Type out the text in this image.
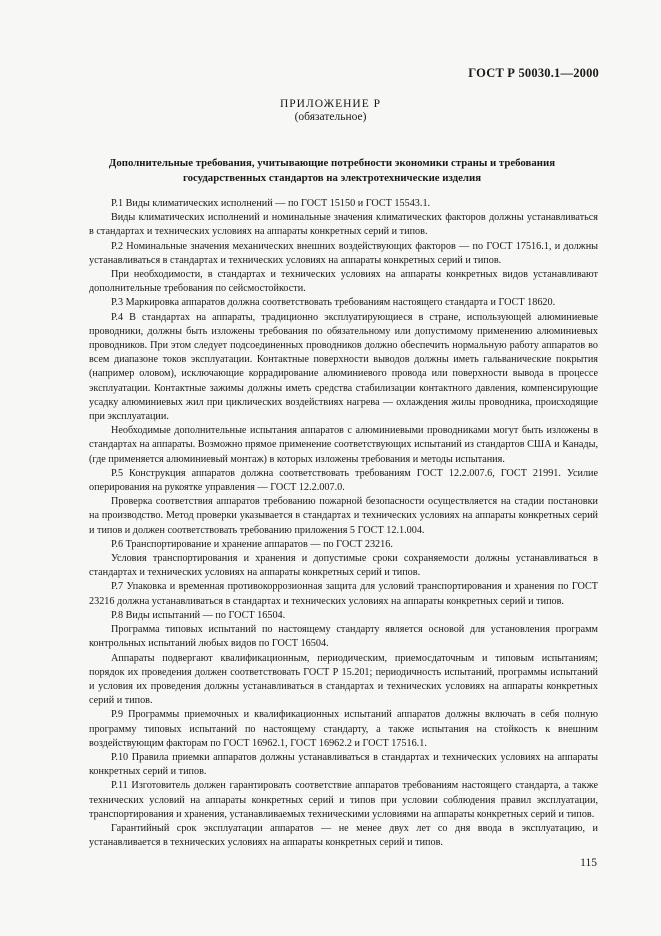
ГОСТ Р 50030.1—2000
ПРИЛОЖЕНИЕ Р
(обязательное)
Дополнительные требования, учитывающие потребности экономики страны и требования государственных стандартов на электротехнические изделия

Р.1 Виды климатических исполнений — по ГОСТ 15150 и ГОСТ 15543.1.

Виды климатических исполнений и номинальные значения климатических факторов должны устанавливаться в стандартах и технических условиях на аппараты конкретных серий и типов.

Р.2 Номинальные значения механических внешних воздействующих факторов — по ГОСТ 17516.1, и должны устанавливаться в стандартах и технических условиях на аппараты конкретных серий и типов.

При необходимости, в стандартах и технических условиях на аппараты конкретных видов устанавливают дополнительные требования по сейсмостойкости.

Р.3 Маркировка аппаратов должна соответствовать требованиям настоящего стандарта и ГОСТ 18620.

Р.4 В стандартах на аппараты, традиционно эксплуатирующиеся в стране, использующей алюминиевые проводники, должны быть изложены требования по обязательному или допустимому применению алюминиевых проводников. При этом следует подсоединенных проводников должно обеспечить нормальную работу аппаратов во всем диапазоне токов эксплуатации. Контактные поверхности выводов должны иметь гальванические покрытия (например оловом), исключающие коррадирование алюминиевого провода или поверхности вывода в процессе эксплуатации. Контактные зажимы должны иметь средства стабилизации контактного давления, компенсирующие усадку алюминиевых жил при циклических воздействиях нагрева — охлаждения жилы проводника, происходящие при эксплуатации.

Необходимые дополнительные испытания аппаратов с алюминиевыми проводниками могут быть изложены в стандартах на аппараты. Возможно прямое применение соответствующих испытаний из стандартов США и Канады, (где применяется алюминиевый монтаж) в которых изложены требования и методы испытания.

Р.5 Конструкция аппаратов должна соответствовать требованиям ГОСТ 12.2.007.6, ГОСТ 21991. Усилие оперирования на рукоятке управления — ГОСТ 12.2.007.0.

Проверка соответствия аппаратов требованию пожарной безопасности осуществляется на стадии постановки на производство. Метод проверки указывается в стандартах и технических условиях на аппараты конкретных серий и типов и должен соответствовать требованию приложения 5 ГОСТ 12.1.004.

Р.6 Транспортирование и хранение аппаратов — по ГОСТ 23216.

Условия транспортирования и хранения и допустимые сроки сохраняемости должны устанавливаться в стандартах и технических условиях на аппараты конкретных серий и типов.

Р.7 Упаковка и временная противокоррозионная защита для условий транспортирования и хранения по ГОСТ 23216 должна устанавливаться в стандартах и технических условиях на аппараты конкретных серий и типов.

Р.8 Виды испытаний — по ГОСТ 16504.

Программа типовых испытаний по настоящему стандарту является основой для установления программ контрольных испытаний любых видов по ГОСТ 16504.

Аппараты подвергают квалификационным, периодическим, приемосдаточным и типовым испытаниям; порядок их проведения должен соответствовать ГОСТ Р 15.201; периодичность испытаний, программы испытаний и условия их проведения должны устанавливаться в стандартах и технических условиях на аппараты конкретных серий и типов.

Р.9 Программы приемочных и квалификационных испытаний аппаратов должны включать в себя полную программу типовых испытаний по настоящему стандарту, а также испытания на стойкость к внешним воздействующим факторам по ГОСТ 16962.1, ГОСТ 16962.2 и ГОСТ 17516.1.

Р.10 Правила приемки аппаратов должны устанавливаться в стандартах и технических условиях на аппараты конкретных серий и типов.

Р.11 Изготовитель должен гарантировать соответствие аппаратов требованиям настоящего стандарта, а также технических условий на аппараты конкретных серий и типов при условии соблюдения правил эксплуатации, транспортирования и хранения, устанавливаемых техническими условиями на аппараты конкретных серий и типов.

Гарантийный срок эксплуатации аппаратов — не менее двух лет со дня ввода в эксплуатацию, и устанавливается в технических условиях на аппараты конкретных серий и типов.

115
